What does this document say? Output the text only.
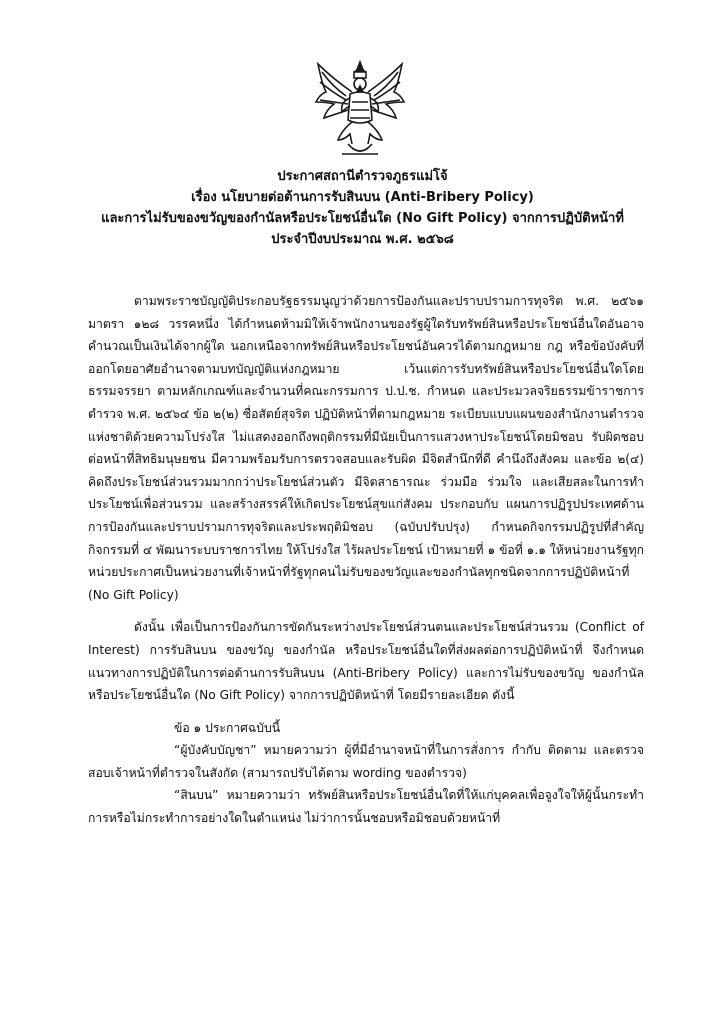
ประกาศสถานีตำรวจภูธรแม่โจ้
เรื่อง นโยบายต่อต้านการรับสินบน (Anti-Bribery Policy)
และการไม่รับของขวัญของกำนัลหรือประโยชน์อื่นใด (No Gift Policy) จากการปฏิบัติหน้าที่
ประจำปีงบประมาณ พ.ศ. ๒๕๖๘

ตามพระราชบัญญัติประกอบรัฐธรรมนูญว่าด้วยการป้องกันและปราบปรามการทุจริต พ.ศ. ๒๕๖๑ มาตรา ๑๒๘ วรรคหนึ่ง ได้กำหนดห้ามมิให้เจ้าพนักงานของรัฐผู้ใดรับทรัพย์สินหรือประโยชน์อื่นใดอันอาจคำนวณเป็นเงินได้จากผู้ใด นอกเหนือจากทรัพย์สินหรือประโยชน์อันควรได้ตามกฎหมาย กฎ หรือข้อบังคับที่ออกโดยอาศัยอำนาจตามบทบัญญัติแห่งกฎหมาย เว้นแต่การรับทรัพย์สินหรือประโยชน์อื่นใดโดยธรรมจรรยา ตามหลักเกณฑ์และจำนวนที่คณะกรรมการ ป.ป.ช. กำหนด และประมวลจริยธรรมข้าราชการตำรวจ พ.ศ. ๒๕๖๔ ข้อ ๒(๒) ซื่อสัตย์สุจริต ปฏิบัติหน้าที่ตามกฎหมาย ระเบียบแบบแผนของสำนักงานตำรวจแห่งชาติด้วยความโปร่งใส ไม่แสดงออกถึงพฤติกรรมที่มีนัยเป็นการแสวงหาประโยชน์โดยมิชอบ รับผิดชอบต่อหน้าที่สิทธิมนุษยชน มีความพร้อมรับการตรวจสอบและรับผิด มีจิตสำนึกที่ดี คำนึงถึงสังคม และข้อ ๒(๔) คิดถึงประโยชน์ส่วนรวมมากกว่าประโยชน์ส่วนตัว มีจิตสาธารณะ ร่วมมือ ร่วมใจ และเสียสละในการทำประโยชน์เพื่อส่วนรวม และสร้างสรรค์ให้เกิดประโยชน์สุขแก่สังคม ประกอบกับ แผนการปฏิรูปประเทศด้านการป้องกันและปราบปรามการทุจริตและประพฤติมิชอบ (ฉบับปรับปรุง) กำหนดกิจกรรมปฏิรูปที่สำคัญ กิจกรรมที่ ๔ พัฒนาระบบราชการไทย ให้โปร่งใส ไร้ผลประโยชน์ เป้าหมายที่ ๑ ข้อที่ ๑.๑ ให้หน่วยงานรัฐทุกหน่วยประกาศเป็นหน่วยงานที่เจ้าหน้าที่รัฐทุกคนไม่รับของขวัญและของกำนัลทุกชนิดจากการปฏิบัติหน้าที่ (No Gift Policy)

ดังนั้น เพื่อเป็นการป้องกันการขัดกันระหว่างประโยชน์ส่วนตนและประโยชน์ส่วนรวม (Conflict of Interest) การรับสินบน ของขวัญ ของกำนัล หรือประโยชน์อื่นใดที่ส่งผลต่อการปฏิบัติหน้าที่ จึงกำหนดแนวทางการปฏิบัติในการต่อต้านการรับสินบน (Anti-Bribery Policy) และการไม่รับของขวัญ ของกำนัล หรือประโยชน์อื่นใด (No Gift Policy) จากการปฏิบัติหน้าที่ โดยมีรายละเอียด ดังนี้

ข้อ ๑ ประกาศฉบับนี้

“ผู้บังคับบัญชา” หมายความว่า ผู้ที่มีอำนาจหน้าที่ในการสั่งการ กำกับ ติดตาม และตรวจสอบเจ้าหน้าที่ตำรวจในสังกัด (สามารถปรับได้ตาม wording ของตำรวจ)

“สินบน” หมายความว่า ทรัพย์สินหรือประโยชน์อื่นใดที่ให้แก่บุคคลเพื่อจูงใจให้ผู้นั้นกระทำการหรือไม่กระทำการอย่างใดในตำแหน่ง ไม่ว่าการนั้นชอบหรือมิชอบด้วยหน้าที่
